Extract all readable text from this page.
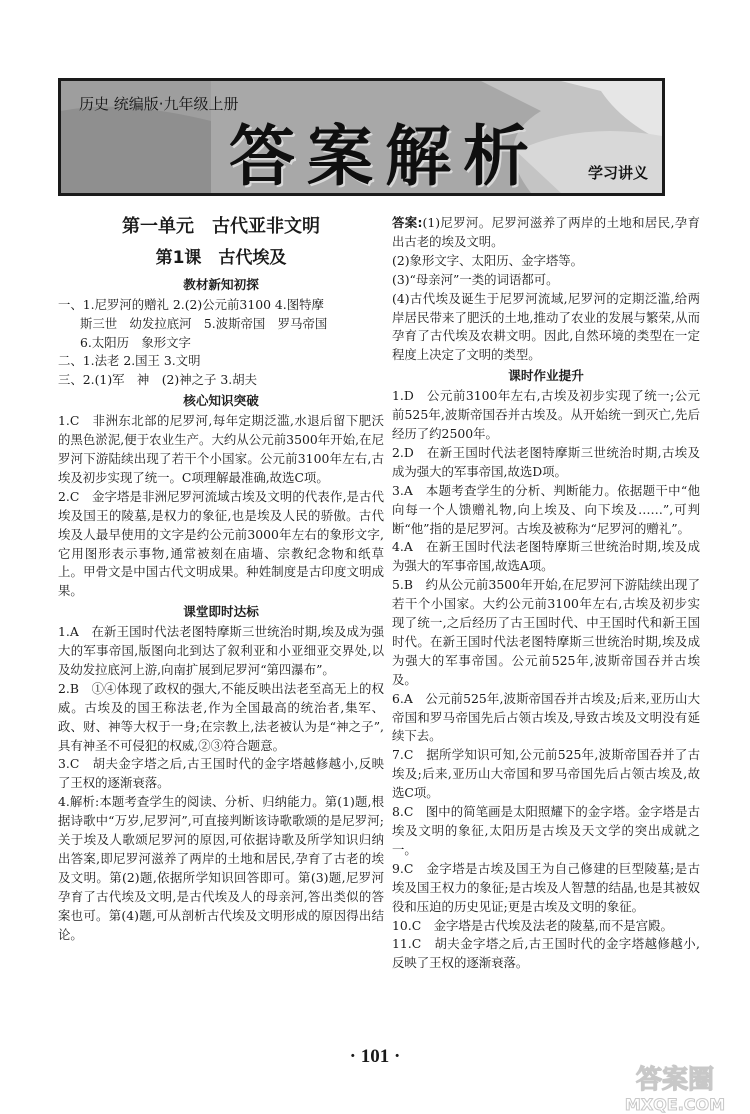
历史 统编版·九年级上册
答案解析	学习讲义
第一单元　古代亚非文明
第1课　古代埃及
教材新知初探

一、1.尼罗河的赠礼 2.(2)公元前3100 4.图特摩

斯三世　幼发拉底河　5.波斯帝国　罗马帝国

6.太阳历　象形文字

二、1.法老 2.国王 3.文明

三、2.(1)军　神　(2)神之子 3.胡夫

核心知识突破

1.C　非洲东北部的尼罗河,每年定期泛滥,水退后留下肥沃的黑色淤泥,便于农业生产。大约从公元前3500年开始,在尼罗河下游陆续出现了若干个小国家。公元前3100年左右,古埃及初步实现了统一。C项理解最准确,故选C项。

2.C　金字塔是非洲尼罗河流域古埃及文明的代表作,是古代埃及国王的陵墓,是权力的象征,也是埃及人民的骄傲。古代埃及人最早使用的文字是约公元前3000年左右的象形文字,它用图形表示事物,通常被刻在庙墙、宗教纪念物和纸草上。甲骨文是中国古代文明成果。种姓制度是古印度文明成果。

课堂即时达标

1.A　在新王国时代法老图特摩斯三世统治时期,埃及成为强大的军事帝国,版图向北到达了叙利亚和小亚细亚交界处,以及幼发拉底河上游,向南扩展到尼罗河“第四瀑布”。

2.B　①④体现了政权的强大,不能反映出法老至高无上的权威。古埃及的国王称法老,作为全国最高的统治者,集军、政、财、神等大权于一身;在宗教上,法老被认为是“神之子”,具有神圣不可侵犯的权威,②③符合题意。

3.C　胡夫金字塔之后,古王国时代的金字塔越修越小,反映了王权的逐渐衰落。

4.解析:本题考查学生的阅读、分析、归纳能力。第(1)题,根据诗歌中“万岁,尼罗河”,可直接判断该诗歌歌颂的是尼罗河;关于埃及人歌颂尼罗河的原因,可依据诗歌及所学知识归纳出答案,即尼罗河滋养了两岸的土地和居民,孕育了古老的埃及文明。第(2)题,依据所学知识回答即可。第(3)题,尼罗河孕育了古代埃及文明,是古代埃及人的母亲河,答出类似的答案也可。第(4)题,可从剖析古代埃及文明形成的原因得出结论。

答案:(1)尼罗河。尼罗河滋养了两岸的土地和居民,孕育出古老的埃及文明。

(2)象形文字、太阳历、金字塔等。

(3)“母亲河”一类的词语都可。

(4)古代埃及诞生于尼罗河流域,尼罗河的定期泛滥,给两岸居民带来了肥沃的土地,推动了农业的发展与繁荣,从而孕育了古代埃及农耕文明。因此,自然环境的类型在一定程度上决定了文明的类型。

课时作业提升

1.D　公元前3100年左右,古埃及初步实现了统一;公元前525年,波斯帝国吞并古埃及。从开始统一到灭亡,先后经历了约2500年。

2.D　在新王国时代法老图特摩斯三世统治时期,古埃及成为强大的军事帝国,故选D项。

3.A　本题考查学生的分析、判断能力。依据题干中“他向每一个人馈赠礼物,向上埃及、向下埃及……”,可判断“他”指的是尼罗河。古埃及被称为“尼罗河的赠礼”。

4.A　在新王国时代法老图特摩斯三世统治时期,埃及成为强大的军事帝国,故选A项。

5.B　约从公元前3500年开始,在尼罗河下游陆续出现了若干个小国家。大约公元前3100年左右,古埃及初步实现了统一,之后经历了古王国时代、中王国时代和新王国时代。在新王国时代法老图特摩斯三世统治时期,埃及成为强大的军事帝国。公元前525年,波斯帝国吞并古埃及。

6.A　公元前525年,波斯帝国吞并古埃及;后来,亚历山大帝国和罗马帝国先后占领古埃及,导致古埃及文明没有延续下去。

7.C　据所学知识可知,公元前525年,波斯帝国吞并了古埃及;后来,亚历山大帝国和罗马帝国先后占领古埃及,故选C项。

8.C　图中的简笔画是太阳照耀下的金字塔。金字塔是古埃及文明的象征,太阳历是古埃及天文学的突出成就之一。

9.C　金字塔是古埃及国王为自己修建的巨型陵墓;是古埃及国王权力的象征;是古埃及人智慧的结晶,也是其被奴役和压迫的历史见证;更是古埃及文明的象征。

10.C　金字塔是古代埃及法老的陵墓,而不是宫殿。

11.C　胡夫金字塔之后,古王国时代的金字塔越修越小,反映了王权的逐渐衰落。

· 101 ·
答案圈
MXQE.COM
